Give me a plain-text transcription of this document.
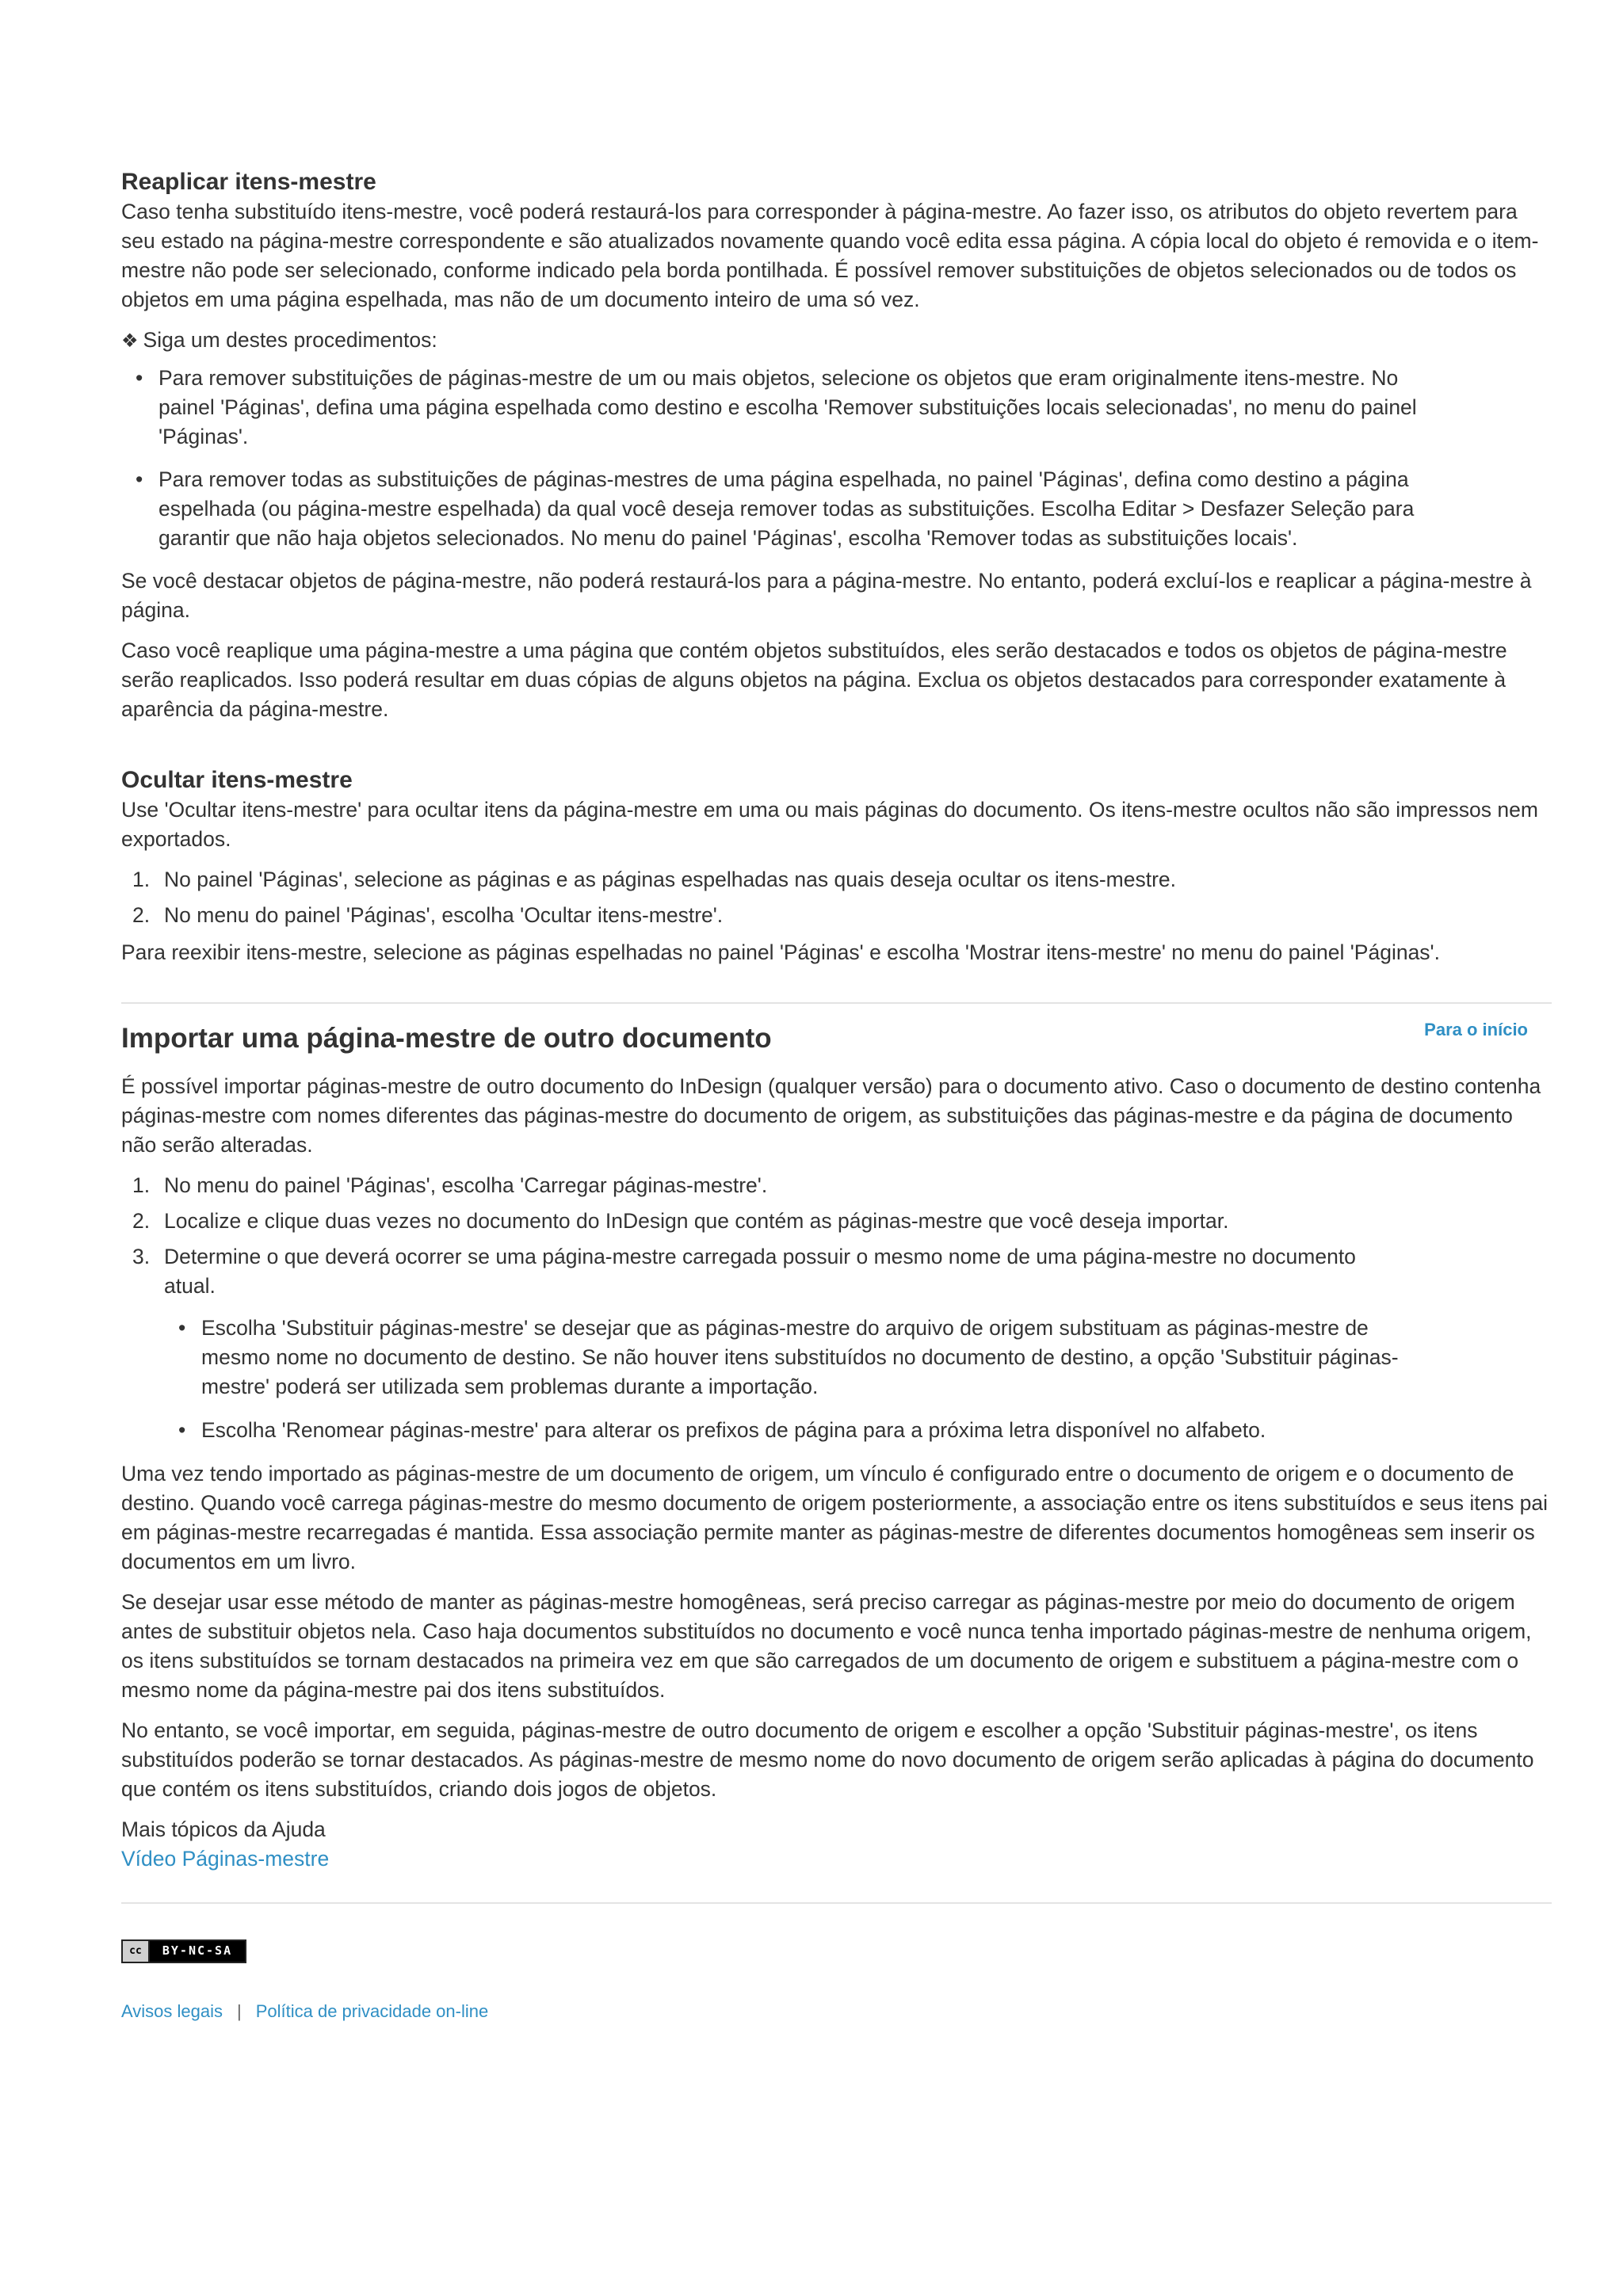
Reaplicar itens-mestre

Caso tenha substituído itens-mestre, você poderá restaurá-los para corresponder à página-mestre. Ao fazer isso, os atributos do objeto revertem para seu estado na página-mestre correspondente e são atualizados novamente quando você edita essa página. A cópia local do objeto é removida e o item-mestre não pode ser selecionado, conforme indicado pela borda pontilhada. É possível remover substituições de objetos selecionados ou de todos os objetos em uma página espelhada, mas não de um documento inteiro de uma só vez.

❖ Siga um destes procedimentos:

• Para remover substituições de páginas-mestre de um ou mais objetos, selecione os objetos que eram originalmente itens-mestre. No painel 'Páginas', defina uma página espelhada como destino e escolha 'Remover substituições locais selecionadas', no menu do painel 'Páginas'.
• Para remover todas as substituições de páginas-mestres de uma página espelhada, no painel 'Páginas', defina como destino a página espelhada (ou página-mestre espelhada) da qual você deseja remover todas as substituições. Escolha Editar > Desfazer Seleção para garantir que não haja objetos selecionados. No menu do painel 'Páginas', escolha 'Remover todas as substituições locais'.

Se você destacar objetos de página-mestre, não poderá restaurá-los para a página-mestre. No entanto, poderá excluí-los e reaplicar a página-mestre à página.

Caso você reaplique uma página-mestre a uma página que contém objetos substituídos, eles serão destacados e todos os objetos de página-mestre serão reaplicados. Isso poderá resultar em duas cópias de alguns objetos na página. Exclua os objetos destacados para corresponder exatamente à aparência da página-mestre.

Ocultar itens-mestre

Use 'Ocultar itens-mestre' para ocultar itens da página-mestre em uma ou mais páginas do documento. Os itens-mestre ocultos não são impressos nem exportados.

1. No painel 'Páginas', selecione as páginas e as páginas espelhadas nas quais deseja ocultar os itens-mestre.
2. No menu do painel 'Páginas', escolha 'Ocultar itens-mestre'.

Para reexibir itens-mestre, selecione as páginas espelhadas no painel 'Páginas' e escolha 'Mostrar itens-mestre' no menu do painel 'Páginas'.

Para o início
Importar uma página-mestre de outro documento

É possível importar páginas-mestre de outro documento do InDesign (qualquer versão) para o documento ativo. Caso o documento de destino contenha páginas-mestre com nomes diferentes das páginas-mestre do documento de origem, as substituições das páginas-mestre e da página de documento não serão alteradas.

1. No menu do painel 'Páginas', escolha 'Carregar páginas-mestre'.
2. Localize e clique duas vezes no documento do InDesign que contém as páginas-mestre que você deseja importar.
3. Determine o que deverá ocorrer se uma página-mestre carregada possuir o mesmo nome de uma página-mestre no documento atual.
• Escolha 'Substituir páginas-mestre' se desejar que as páginas-mestre do arquivo de origem substituam as páginas-mestre de mesmo nome no documento de destino. Se não houver itens substituídos no documento de destino, a opção 'Substituir páginas-mestre' poderá ser utilizada sem problemas durante a importação.
• Escolha 'Renomear páginas-mestre' para alterar os prefixos de página para a próxima letra disponível no alfabeto.

Uma vez tendo importado as páginas-mestre de um documento de origem, um vínculo é configurado entre o documento de origem e o documento de destino. Quando você carrega páginas-mestre do mesmo documento de origem posteriormente, a associação entre os itens substituídos e seus itens pai em páginas-mestre recarregadas é mantida. Essa associação permite manter as páginas-mestre de diferentes documentos homogêneas sem inserir os documentos em um livro.

Se desejar usar esse método de manter as páginas-mestre homogêneas, será preciso carregar as páginas-mestre por meio do documento de origem antes de substituir objetos nela. Caso haja documentos substituídos no documento e você nunca tenha importado páginas-mestre de nenhuma origem, os itens substituídos se tornam destacados na primeira vez em que são carregados de um documento de origem e substituem a página-mestre com o mesmo nome da página-mestre pai dos itens substituídos.

No entanto, se você importar, em seguida, páginas-mestre de outro documento de origem e escolher a opção 'Substituir páginas-mestre', os itens substituídos poderão se tornar destacados. As páginas-mestre de mesmo nome do novo documento de origem serão aplicadas à página do documento que contém os itens substituídos, criando dois jogos de objetos.

Mais tópicos da Ajuda

Vídeo Páginas-mestre

cc	BY-NC-SA
Avisos legais | Política de privacidade on-line
